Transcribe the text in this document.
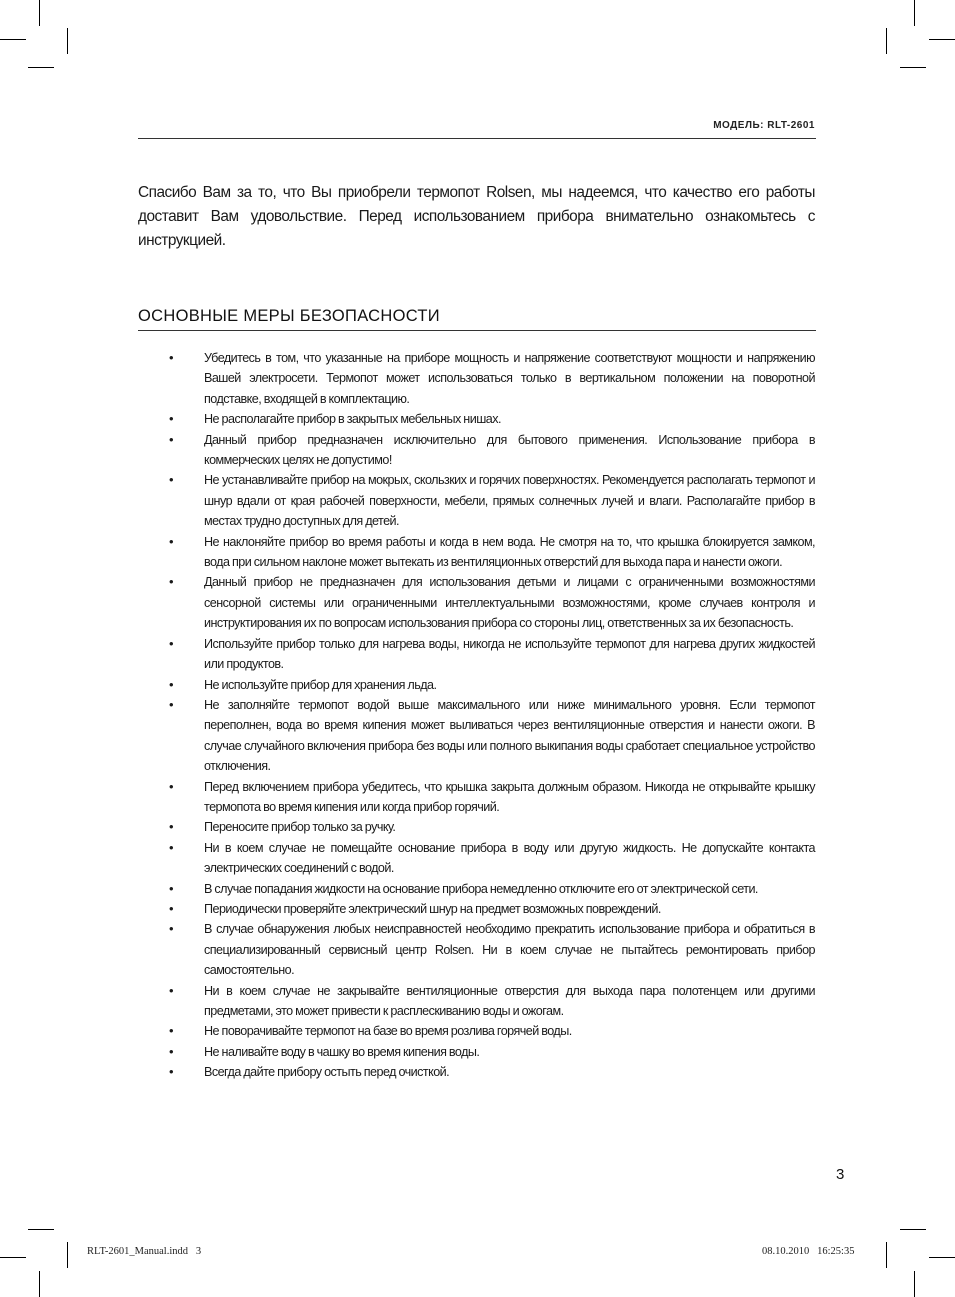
МОДЕЛЬ: RLT-2601

Спасибо Вам за то, что Вы приобрели термопот Rolsen, мы надеемся, что качество его работы доставит Вам удовольствие. Перед использованием прибора внимательно ознакомьтесь с инструкцией.

ОСНОВНЫЕ МЕРЫ БЕЗОПАСНОСТИ
• Убедитесь в том, что указанные на приборе мощность и напряжение соответствуют мощности и напряжению Вашей электросети. Термопот может использоваться только в вертикальном положении на поворотной подставке, входящей в комплектацию.
• Не располагайте прибор в закрытых мебельных нишах.
• Данный прибор предназначен исключительно для бытового применения. Использование прибора в коммерческих целях не допустимо!
• Не устанавливайте прибор на мокрых, скользких и горячих поверхностях. Рекомендуется располагать термопот и шнур вдали от края рабочей поверхности, мебели, прямых солнечных лучей и влаги. Располагайте прибор в местах трудно доступных для детей.
• Не наклоняйте прибор во время работы и когда в нем вода. Не смотря на то, что крышка блокируется замком, вода при сильном наклоне может вытекать из вентиляционных отверстий для выхода пара и нанести ожоги.
• Данный прибор не предназначен для использования детьми и лицами с ограниченными возможностями сенсорной системы или ограниченными интеллектуальными возможностями, кроме случаев контроля и инструктирования их по вопросам использования прибора со стороны лиц, ответственных за их безопасность.
• Используйте прибор только для нагрева воды, никогда не используйте термопот для нагрева других жидкостей или продуктов.
• Не используйте прибор для хранения льда.
• Не заполняйте термопот водой выше максимального или ниже минимального уровня. Если термопот переполнен, вода во время кипения может выливаться через вентиляционные отверстия и нанести ожоги. В случае случайного включения прибора без воды или полного выкипания воды сработает специальное устройство отключения.
• Перед включением прибора убедитесь, что крышка закрыта должным образом. Никогда не открывайте крышку термопота во время кипения или когда прибор горячий.
• Переносите прибор только за ручку.
• Ни в коем случае не помещайте основание прибора в воду или другую жидкость. Не допускайте контакта электрических соединений с водой.
• В случае попадания жидкости на основание прибора немедленно отключите его от электрической сети.
• Периодически проверяйте электрический шнур на предмет возможных повреждений.
• В случае обнаружения любых неисправностей необходимо прекратить использование прибора и обратиться в специализированный сервисный центр Rolsen. Ни в коем случае не пытайтесь ремонтировать прибор самостоятельно.
• Ни в коем случае не закрывайте вентиляционные отверстия для выхода пара полотенцем или другими предметами, это может привести к расплескиванию воды и ожогам.
• Не поворачивайте термопот на базе во время розлива горячей воды.
• Не наливайте воду в чашку во время кипения воды.
• Всегда дайте прибору остыть перед очисткой.
3
RLT-2601_Manual.indd   3	08.10.2010   16:25:35
